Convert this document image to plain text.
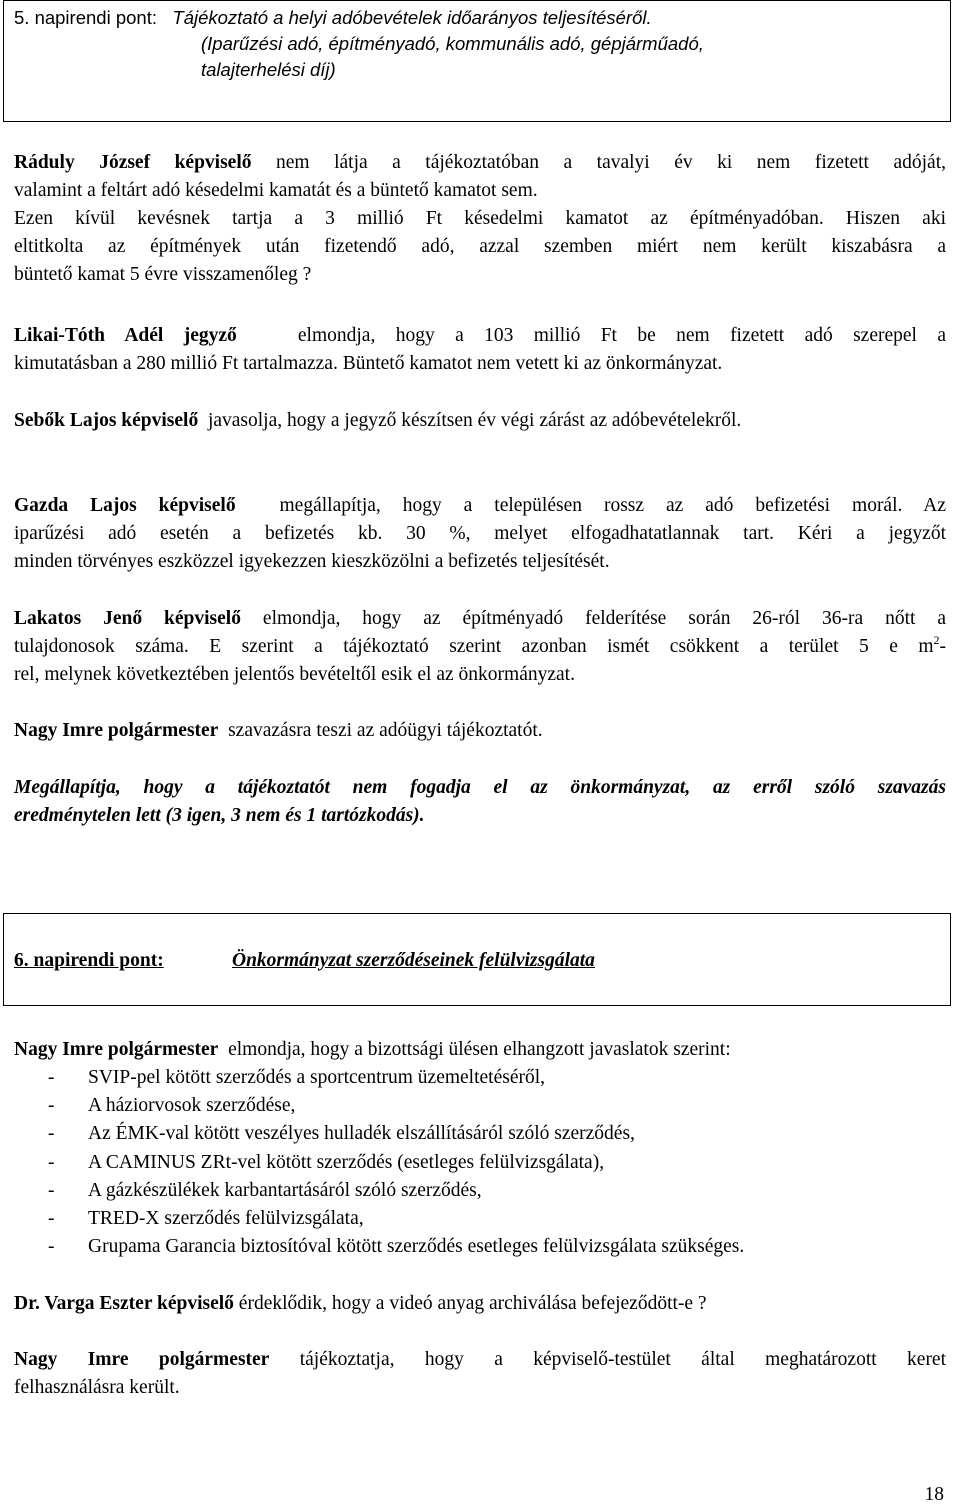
5. napirendi pont: Tájékoztató a helyi adóbevételek időarányos teljesítéséről.
(Iparűzési adó, építményadó, kommunális adó, gépjárműadó,
talajterhelési díj)
Ráduly József képviselő nem látja a tájékoztatóban a tavalyi év ki nem fizetett adóját,
valamint a feltárt adó késedelmi kamatát és a büntető kamatot sem.
Ezen kívül kevésnek tartja a 3 millió Ft késedelmi kamatot az építményadóban. Hiszen aki
eltitkolta az építmények után fizetendő adó, azzal szemben miért nem került kiszabásra a
büntető kamat 5 évre visszamenőleg ?
Likai-Tóth Adél jegyző	elmondja, hogy a 103 millió Ft be nem fizetett adó szerepel a
kimutatásban a 280 millió Ft tartalmazza. Büntető kamatot nem vetett ki az önkormányzat.
Sebők Lajos képviselő javasolja, hogy a jegyző készítsen év végi zárást az adóbevételekről.
Gazda Lajos képviselő megállapítja, hogy a településen rossz az adó befizetési morál. Az
iparűzési adó esetén a befizetés kb. 30 %, melyet elfogadhatatlannak tart. Kéri a jegyzőt
minden törvényes eszközzel igyekezzen kieszközölni a befizetés teljesítését.
Lakatos Jenő képviselő elmondja, hogy az építményadó felderítése során 26-ról 36-ra nőtt a
tulajdonosok száma. E szerint a tájékoztató szerint azonban ismét csökkent a terület 5 e $m^2-$
rel, melynek következtében jelentős bevételtől esik el az önkormányzat.
Nagy Imre polgármester szavazásra teszi az adóügyi tájékoztatót.
Megállapítja, hogy a tájékoztatót nem fogadja el az önkormányzat, az erről szóló szavazás
eredménytelen lett (3 igen, 3 nem és 1 tartózkodás).
6. napirendi pont:	Önkormányzat szerződéseinek felülvizsgálata
Nagy Imre polgármester elmondja, hogy a bizottsági ülésen elhangzott javaslatok szerint:
- SVIP-pel kötött szerződés a sportcentrum üzemeltetéséről,
- A háziorvosok szerződése,
- Az ÉMK-val kötött veszélyes hulladék elszállításáról szóló szerződés,
- A CAMINUS ZRt-vel kötött szerződés (esetleges felülvizsgálata),
- A gázkészülékek karbantartásáról szóló szerződés,
- TRED-X szerződés felülvizsgálata,
- Grupama Garancia biztosítóval kötött szerződés esetleges felülvizsgálata szükséges.
Dr. Varga Eszter képviselő érdeklődik, hogy a videó anyag archiválása befejeződött-e ?
Nagy Imre polgármester tájékoztatja, hogy a képviselő-testület által meghatározott keret
felhasználásra került.
18
